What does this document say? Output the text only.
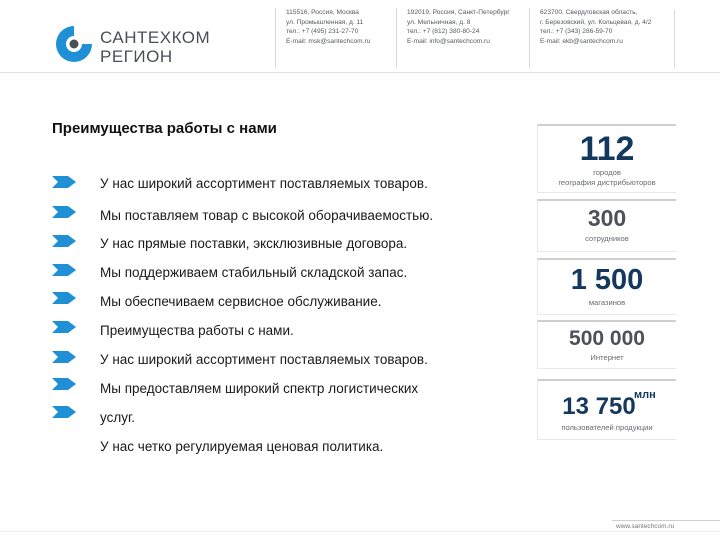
САНТЕХКОМ
РЕГИОН
115516, Россия, Москва
ул. Промышленная, д. 11
тел.: +7 (495) 231-27-70
E-mail: msk@santechcom.ru
192019, Россия, Санкт-Петербург
ул. Мельничная, д. 8
тел.: +7 (812) 380-80-24
E-mail: info@santechcom.ru
623700, Свердловская область,
г. Березовский, ул. Кольцевая, д. 4/2
тел.: +7 (343) 286-59-70
E-mail: ekb@santechcom.ru
Преимущества работы с нами
У нас широкий ассортимент поставляемых товаров.
Мы поставляем товар с высокой оборачиваемостью.
У нас прямые поставки, эксклюзивные договора.
Мы поддерживаем стабильный складской запас.
Мы обеспечиваем сервисное обслуживание.
Преимущества работы с нами.
У нас широкий ассортимент поставляемых товаров.
Мы предоставляем широкий спектр логистических
услуг.
У нас четко регулируемая ценовая политика.
112
городов
география дистрибьюторов
300
сотрудников
1 500
магазинов
500 000
Интернет
13 750
млн
пользователей продукции
www.santechcom.ru
